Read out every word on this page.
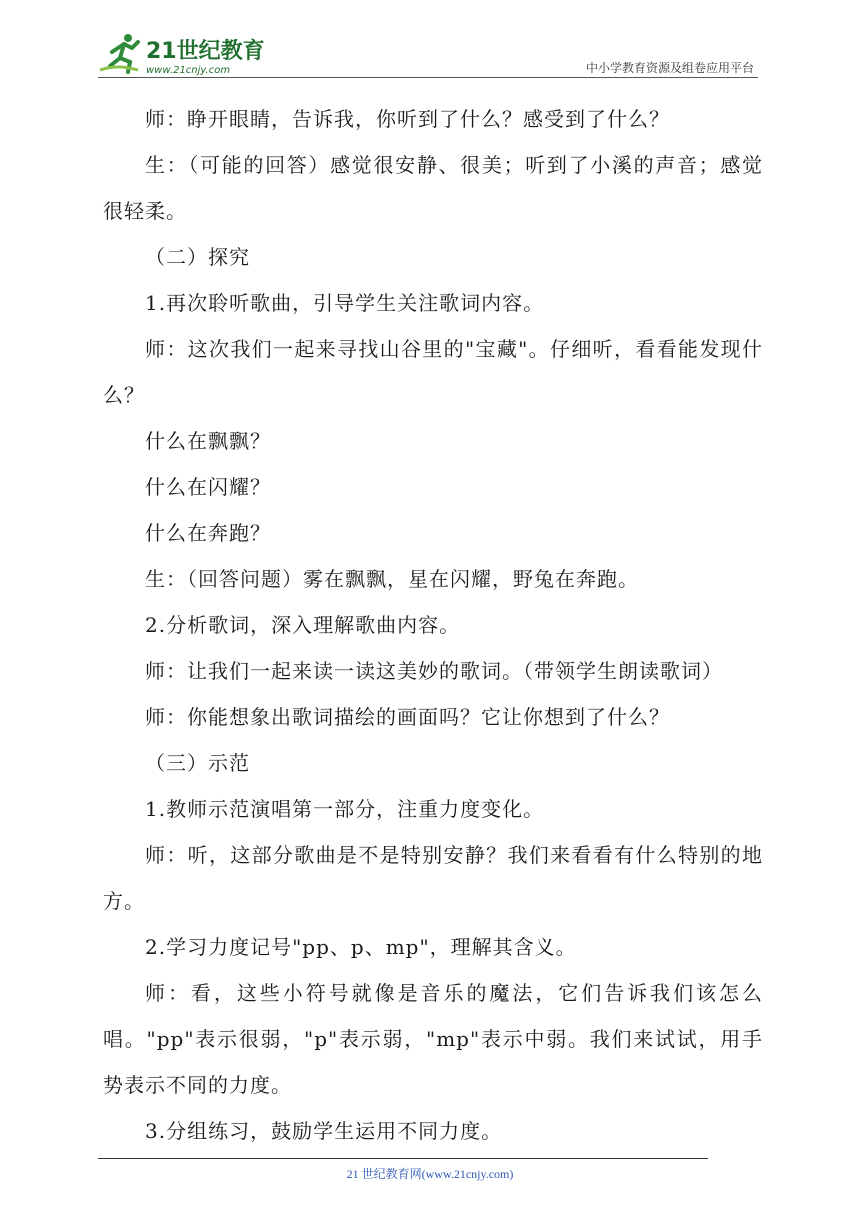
21世纪教育
www.21cnjy.com	中小学教育资源及组卷应用平台

师：睁开眼睛，告诉我，你听到了什么？感受到了什么？

生：（可能的回答）感觉很安静、很美；听到了小溪的声音；感觉很轻柔。

（二）探究

1.再次聆听歌曲，引导学生关注歌词内容。

师：这次我们一起来寻找山谷里的"宝藏"。仔细听，看看能发现什么？

什么在飘飘？

什么在闪耀？

什么在奔跑？

生：（回答问题）雾在飘飘，星在闪耀，野兔在奔跑。

2.分析歌词，深入理解歌曲内容。

师：让我们一起来读一读这美妙的歌词。（带领学生朗读歌词）

师：你能想象出歌词描绘的画面吗？它让你想到了什么？

（三）示范

1.教师示范演唱第一部分，注重力度变化。

师：听，这部分歌曲是不是特别安静？我们来看看有什么特别的地方。

2.学习力度记号"pp、p、mp"，理解其含义。

师：看，这些小符号就像是音乐的魔法，它们告诉我们该怎么唱。"pp"表示很弱，"p"表示弱，"mp"表示中弱。我们来试试，用手势表示不同的力度。

3.分组练习，鼓励学生运用不同力度。

21 世纪教育网(www.21cnjy.com)
